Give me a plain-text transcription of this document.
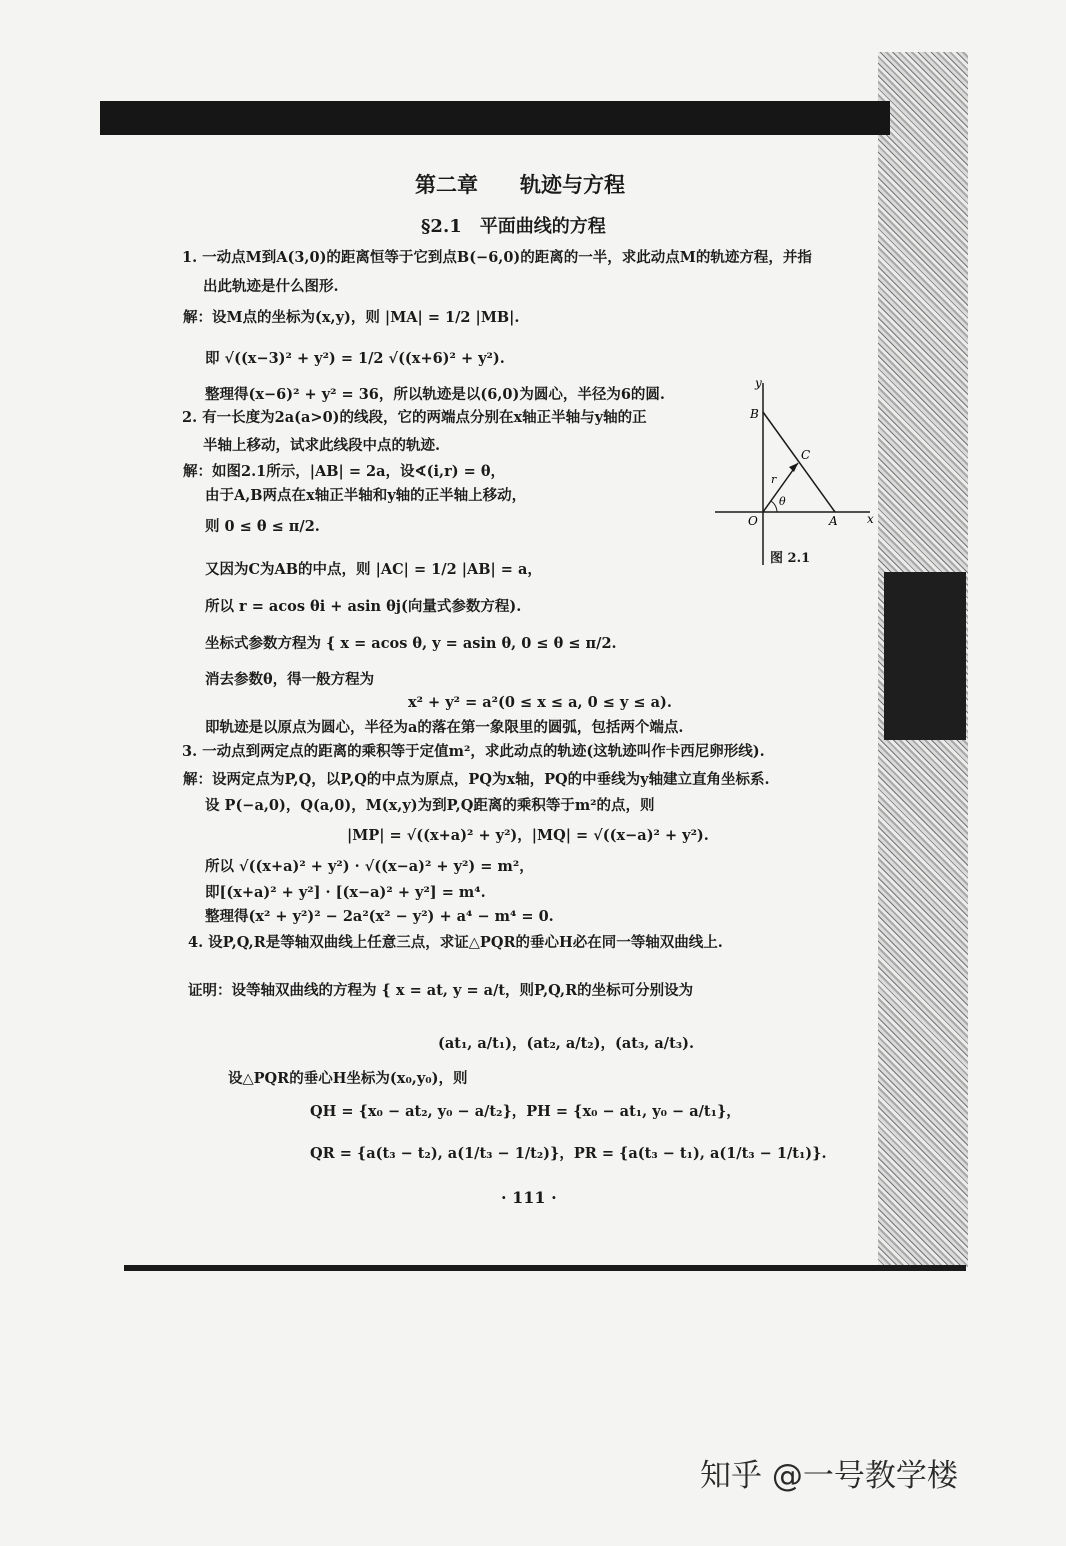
第二章　　轨迹与方程
§2.1　平面曲线的方程
1. 一动点M到A(3,0)的距离恒等于它到点B(−6,0)的距离的一半，求此动点M的轨迹方程，并指
出此轨迹是什么图形.
解：设M点的坐标为(x,y)，则 |MA| = 1/2 |MB|.
即 √((x−3)² + y²) = 1/2 √((x+6)² + y²).
整理得(x−6)² + y² = 36，所以轨迹是以(6,0)为圆心，半径为6的圆.
2. 有一长度为2a(a>0)的线段，它的两端点分别在x轴正半轴与y轴的正
半轴上移动，试求此线段中点的轨迹.
解：如图2.1所示，|AB| = 2a，设∢(i,r) = θ，
由于A,B两点在x轴正半轴和y轴的正半轴上移动，
则 0 ≤ θ ≤ π/2.
又因为C为AB的中点，则 |AC| = 1/2 |AB| = a，
所以 r = acos θi + asin θj(向量式参数方程).
坐标式参数方程为 { x = acos θ, y = asin θ, 0 ≤ θ ≤ π/2.
消去参数θ，得一般方程为
x² + y² = a²(0 ≤ x ≤ a, 0 ≤ y ≤ a).
即轨迹是以原点为圆心，半径为a的落在第一象限里的圆弧，包括两个端点.
3. 一动点到两定点的距离的乘积等于定值m²，求此动点的轨迹(这轨迹叫作卡西尼卵形线).
解：设两定点为P,Q，以P,Q的中点为原点，PQ为x轴，PQ的中垂线为y轴建立直角坐标系.
设 P(−a,0)，Q(a,0)，M(x,y)为到P,Q距离的乘积等于m²的点，则
|MP| = √((x+a)² + y²)，|MQ| = √((x−a)² + y²).
所以 √((x+a)² + y²) · √((x−a)² + y²) = m²，
即[(x+a)² + y²] · [(x−a)² + y²] = m⁴.
整理得(x² + y²)² − 2a²(x² − y²) + a⁴ − m⁴ = 0.
4. 设P,Q,R是等轴双曲线上任意三点，求证△PQR的垂心H必在同一等轴双曲线上.
证明：设等轴双曲线的方程为 { x = at, y = a/t，则P,Q,R的坐标可分别设为
(at₁, a/t₁)，(at₂, a/t₂)，(at₃, a/t₃).
设△PQR的垂心H坐标为(x₀,y₀)，则
QH = {x₀ − at₂, y₀ − a/t₂}，PH = {x₀ − at₁, y₀ − a/t₁}，
QR = {a(t₃ − t₂), a(1/t₃ − 1/t₂)}，PR = {a(t₃ − t₁), a(1/t₃ − 1/t₁)}.
y
x
O	A
B
C
r
θ
图 2.1
· 111 ·
知乎 @一号教学楼
